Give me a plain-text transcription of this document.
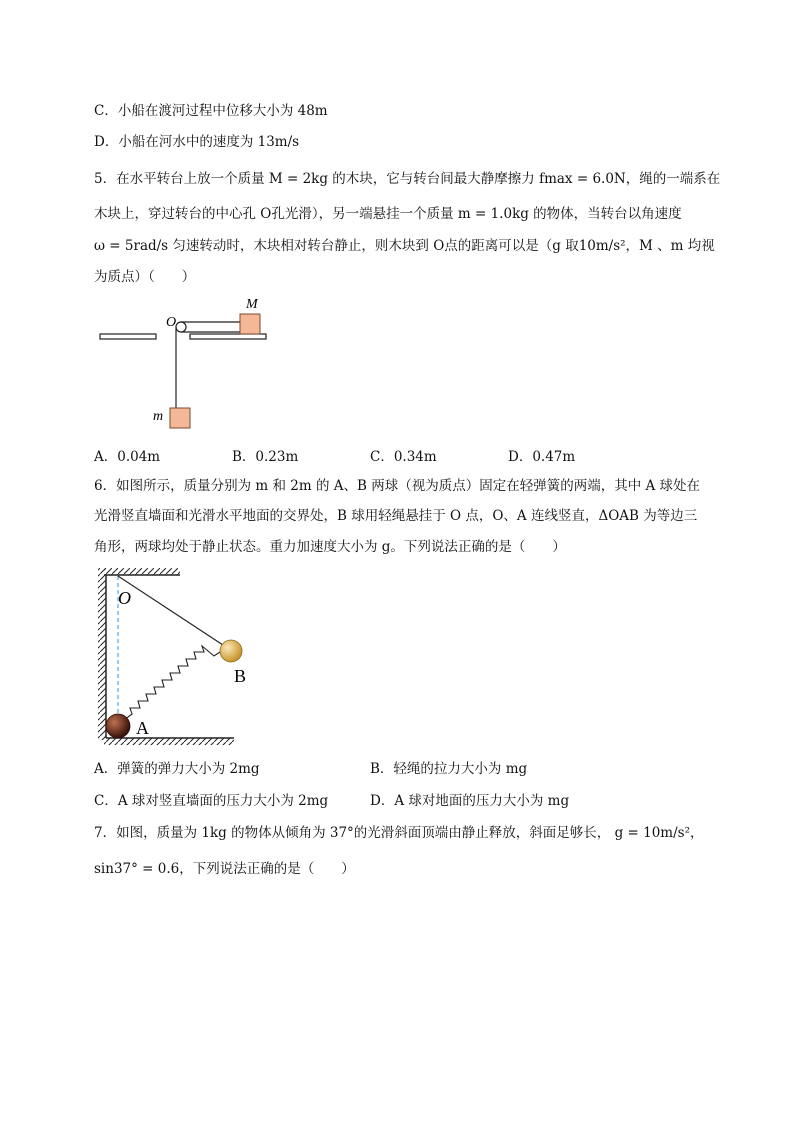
C．小船在渡河过程中位移大小为 48m
D．小船在河水中的速度为 13m/s
5．在水平转台上放一个质量 M = 2kg 的木块，它与转台间最大静摩擦力 fmax = 6.0N，绳的一端系在
木块上，穿过转台的中心孔 O孔光滑），另一端悬挂一个质量 m = 1.0kg 的物体，当转台以角速度
ω = 5rad/s 匀速转动时，木块相对转台静止，则木块到 O点的距离可以是（g 取10m/s²，M 、m 均视
为质点）（　　）
M
O
m
A．0.04m	B．0.23m	C．0.34m	D．0.47m
6．如图所示，质量分别为 m 和 2m 的 A、B 两球（视为质点）固定在轻弹簧的两端，其中 A 球处在
光滑竖直墙面和光滑水平地面的交界处，B 球用轻绳悬挂于 O 点，O、A 连线竖直，ΔOAB 为等边三
角形，两球均处于静止状态。重力加速度大小为 g。下列说法正确的是（　　）
O
B
A
A．弹簧的弹力大小为 2mg	B．轻绳的拉力大小为 mg
C．A 球对竖直墙面的压力大小为 2mg	D．A 球对地面的压力大小为 mg
7．如图，质量为 1kg 的物体从倾角为 37°的光滑斜面顶端由静止释放，斜面足够长， g = 10m/s²，
sin37° = 0.6，下列说法正确的是（　　）
